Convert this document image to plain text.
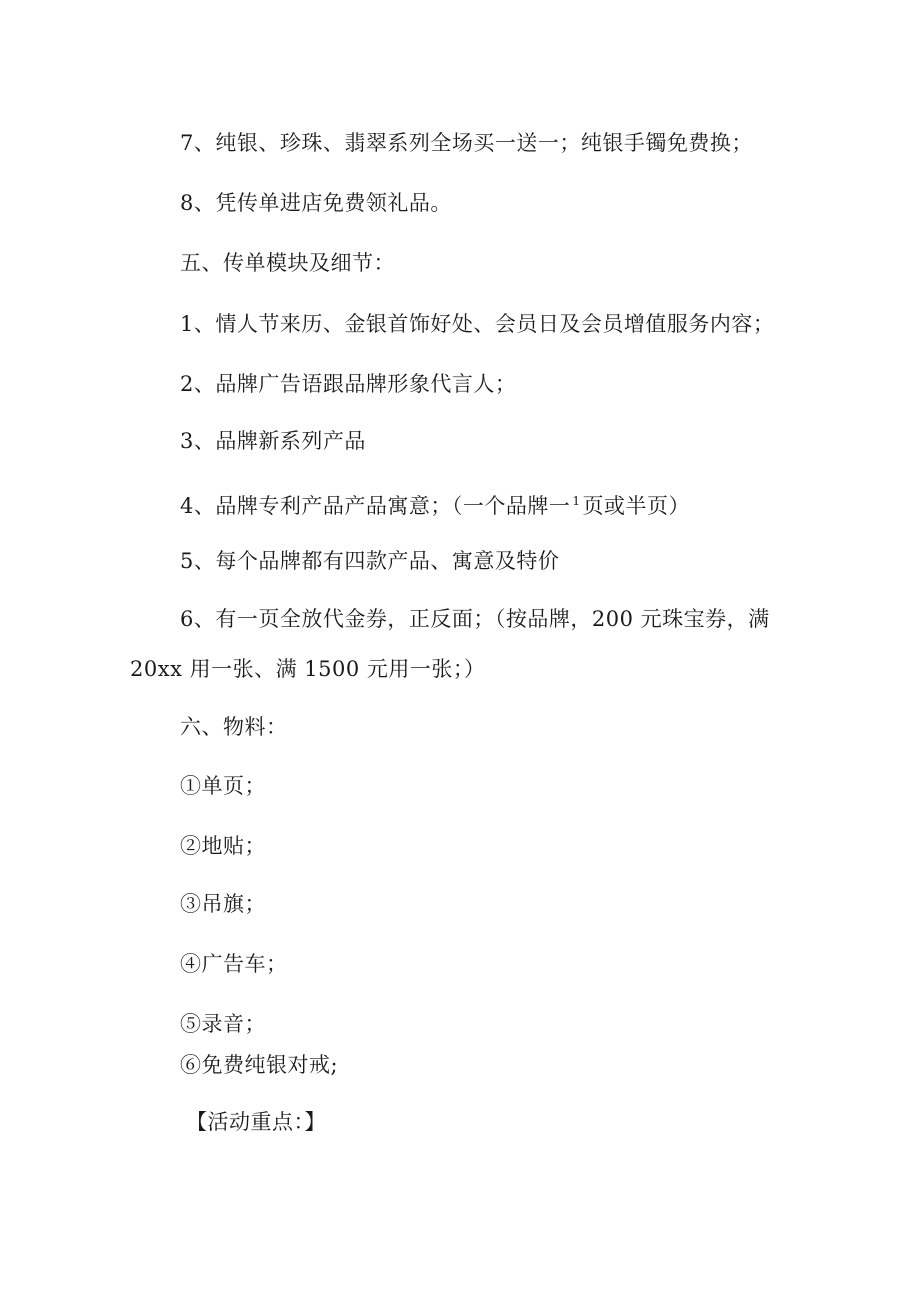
7、纯银、珍珠、翡翠系列全场买一送一；纯银手镯免费换；
8、凭传单进店免费领礼品。
五、传单模块及细节：
1、情人节来历、金银首饰好处、会员日及会员增值服务内容；
2、品牌广告语跟品牌形象代言人；
3、品牌新系列产品
4、品牌专利产品产品寓意；（一个品牌一 $^1$页或半页）
5、每个品牌都有四款产品、寓意及特价
6、有一页全放代金券，正反面；（按品牌，200 元珠宝券，满
20xx 用一张、满 1500 元用一张；）
六、物料：
①单页；
②地贴；
③吊旗；
④广告车；
⑤录音；
⑥免费纯银对戒;
【活动重点：】
